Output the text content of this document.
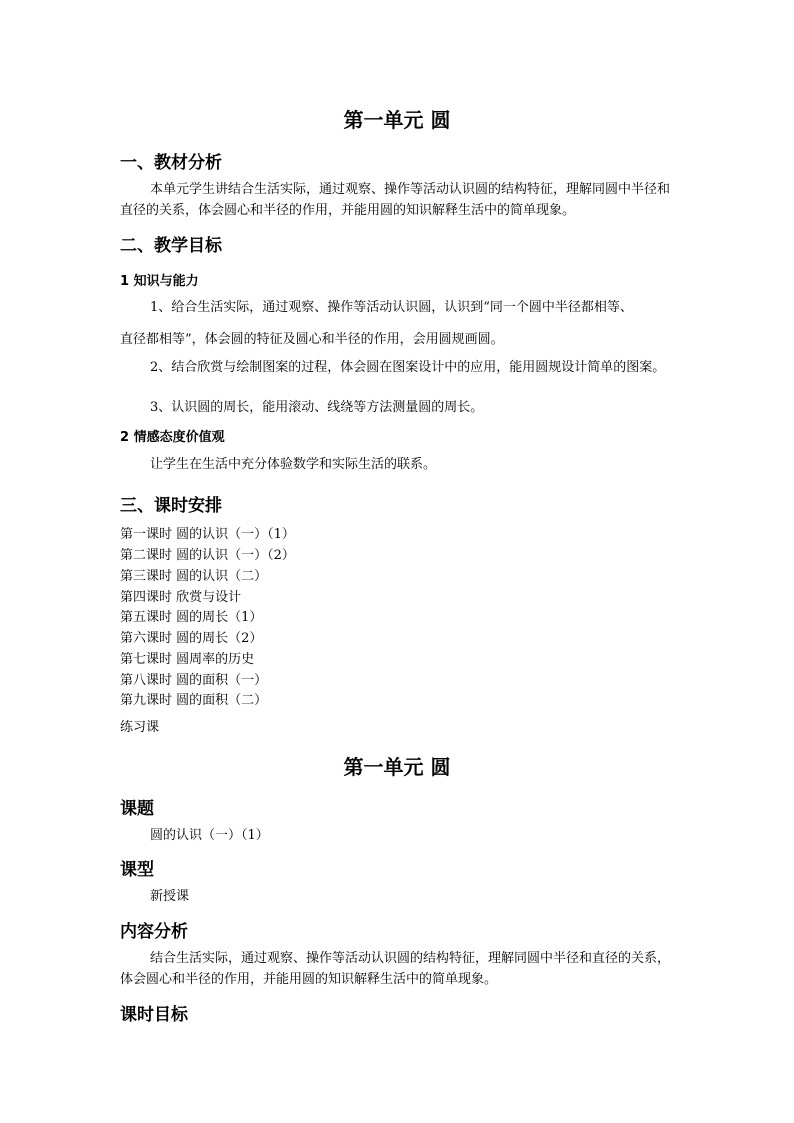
第一单元 圆
一、教材分析
本单元学生讲结合生活实际，通过观察、操作等活动认识圆的结构特征，理解同圆中半径和直径的关系，体会圆心和半径的作用，并能用圆的知识解释生活中的简单现象。
二、教学目标
1 知识与能力
1、给合生活实际，通过观察、操作等活动认识圆，认识到“同一个圆中半径都相等、
直径都相等”，体会圆的特征及圆心和半径的作用，会用圆规画圆。
2、结合欣赏与绘制图案的过程，体会圆在图案设计中的应用，能用圆规设计简单的图案。
3、认识圆的周长，能用滚动、线绕等方法测量圆的周长。
2 情感态度价值观
让学生在生活中充分体验数学和实际生活的联系。
三、课时安排
第一课时 圆的认识（一）（1）
第二课时 圆的认识（一）（2）
第三课时 圆的认识（二）
第四课时 欣赏与设计
第五课时 圆的周长（1）
第六课时 圆的周长（2）
第七课时 圆周率的历史
第八课时 圆的面积（一）
第九课时 圆的面积（二）
练习课
第一单元 圆
课题
圆的认识（一）（1）
课型
新授课
内容分析
结合生活实际，通过观察、操作等活动认识圆的结构特征，理解同圆中半径和直径的关系，体会圆心和半径的作用，并能用圆的知识解释生活中的简单现象。
课时目标
